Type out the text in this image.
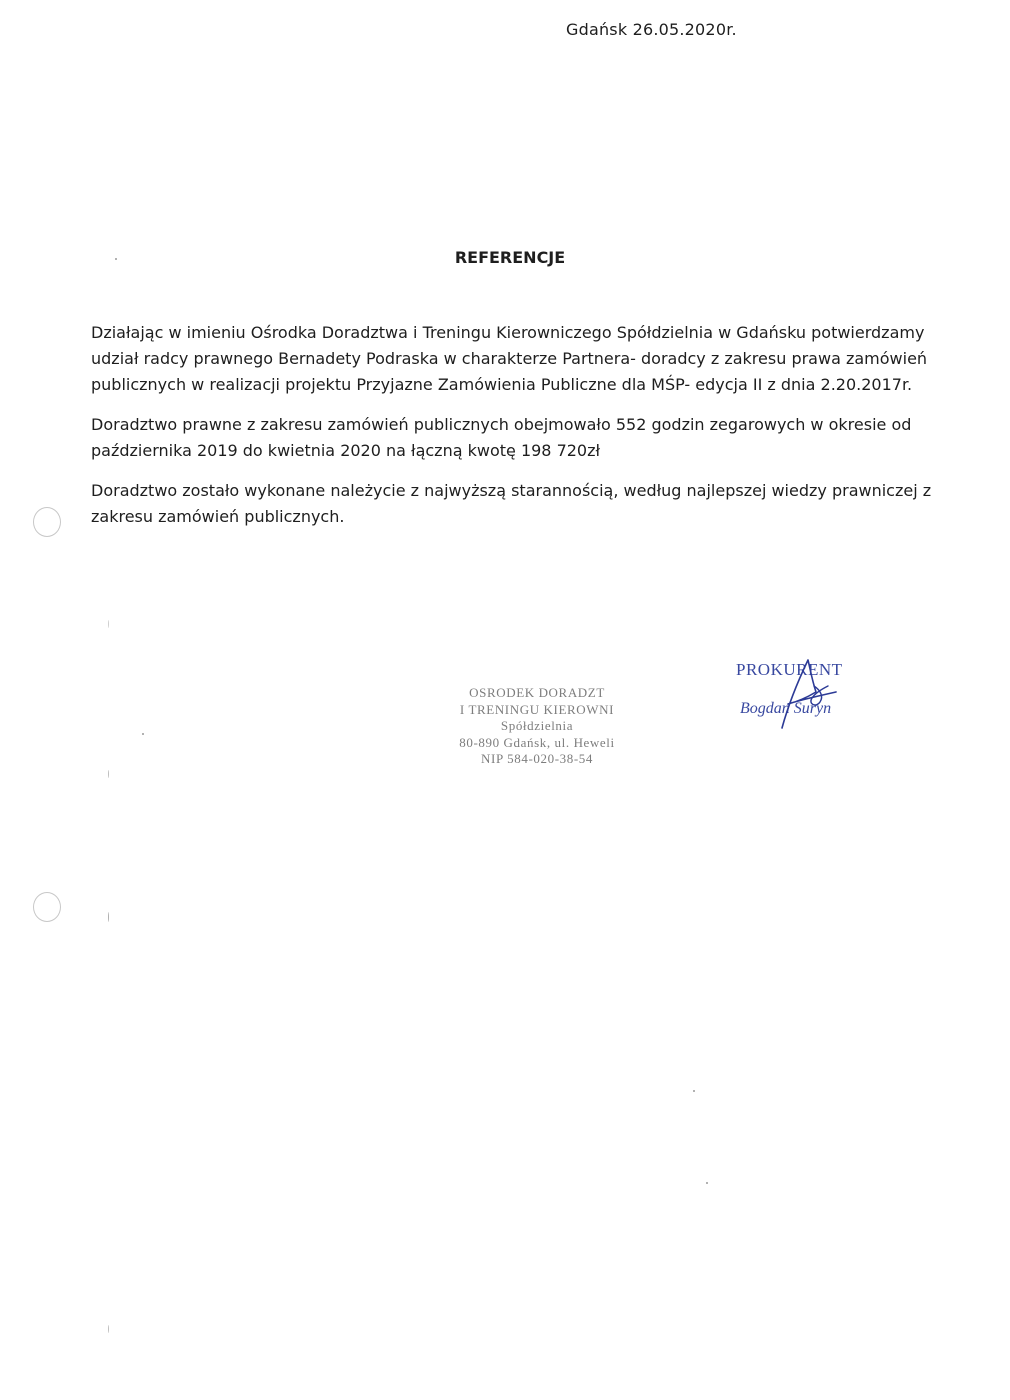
Gdańsk 26.05.2020r.
REFERENCJE

Działając w imieniu Ośrodka Doradztwa i Treningu Kierowniczego Spółdzielnia w Gdańsku potwierdzamy
udział radcy prawnego Bernadety Podraska w charakterze Partnera- doradcy z zakresu prawa zamówień
publicznych w realizacji projektu Przyjazne Zamówienia Publiczne dla MŚP- edycja II z dnia 2.20.2017r.

Doradztwo prawne z zakresu zamówień publicznych obejmowało 552 godzin zegarowych w okresie od
października 2019 do kwietnia 2020 na łączną kwotę 198 720zł

Doradztwo zostało wykonane należycie z najwyższą starannością, według najlepszej wiedzy prawniczej z
zakresu zamówień publicznych.

OSRODEK DORADZT
I TRENINGU KIEROWNI
Spółdzielnia
80-890 Gdańsk, ul. Heweli
NIP 584-020-38-54
PROKURENT
Bogdan Suryn
